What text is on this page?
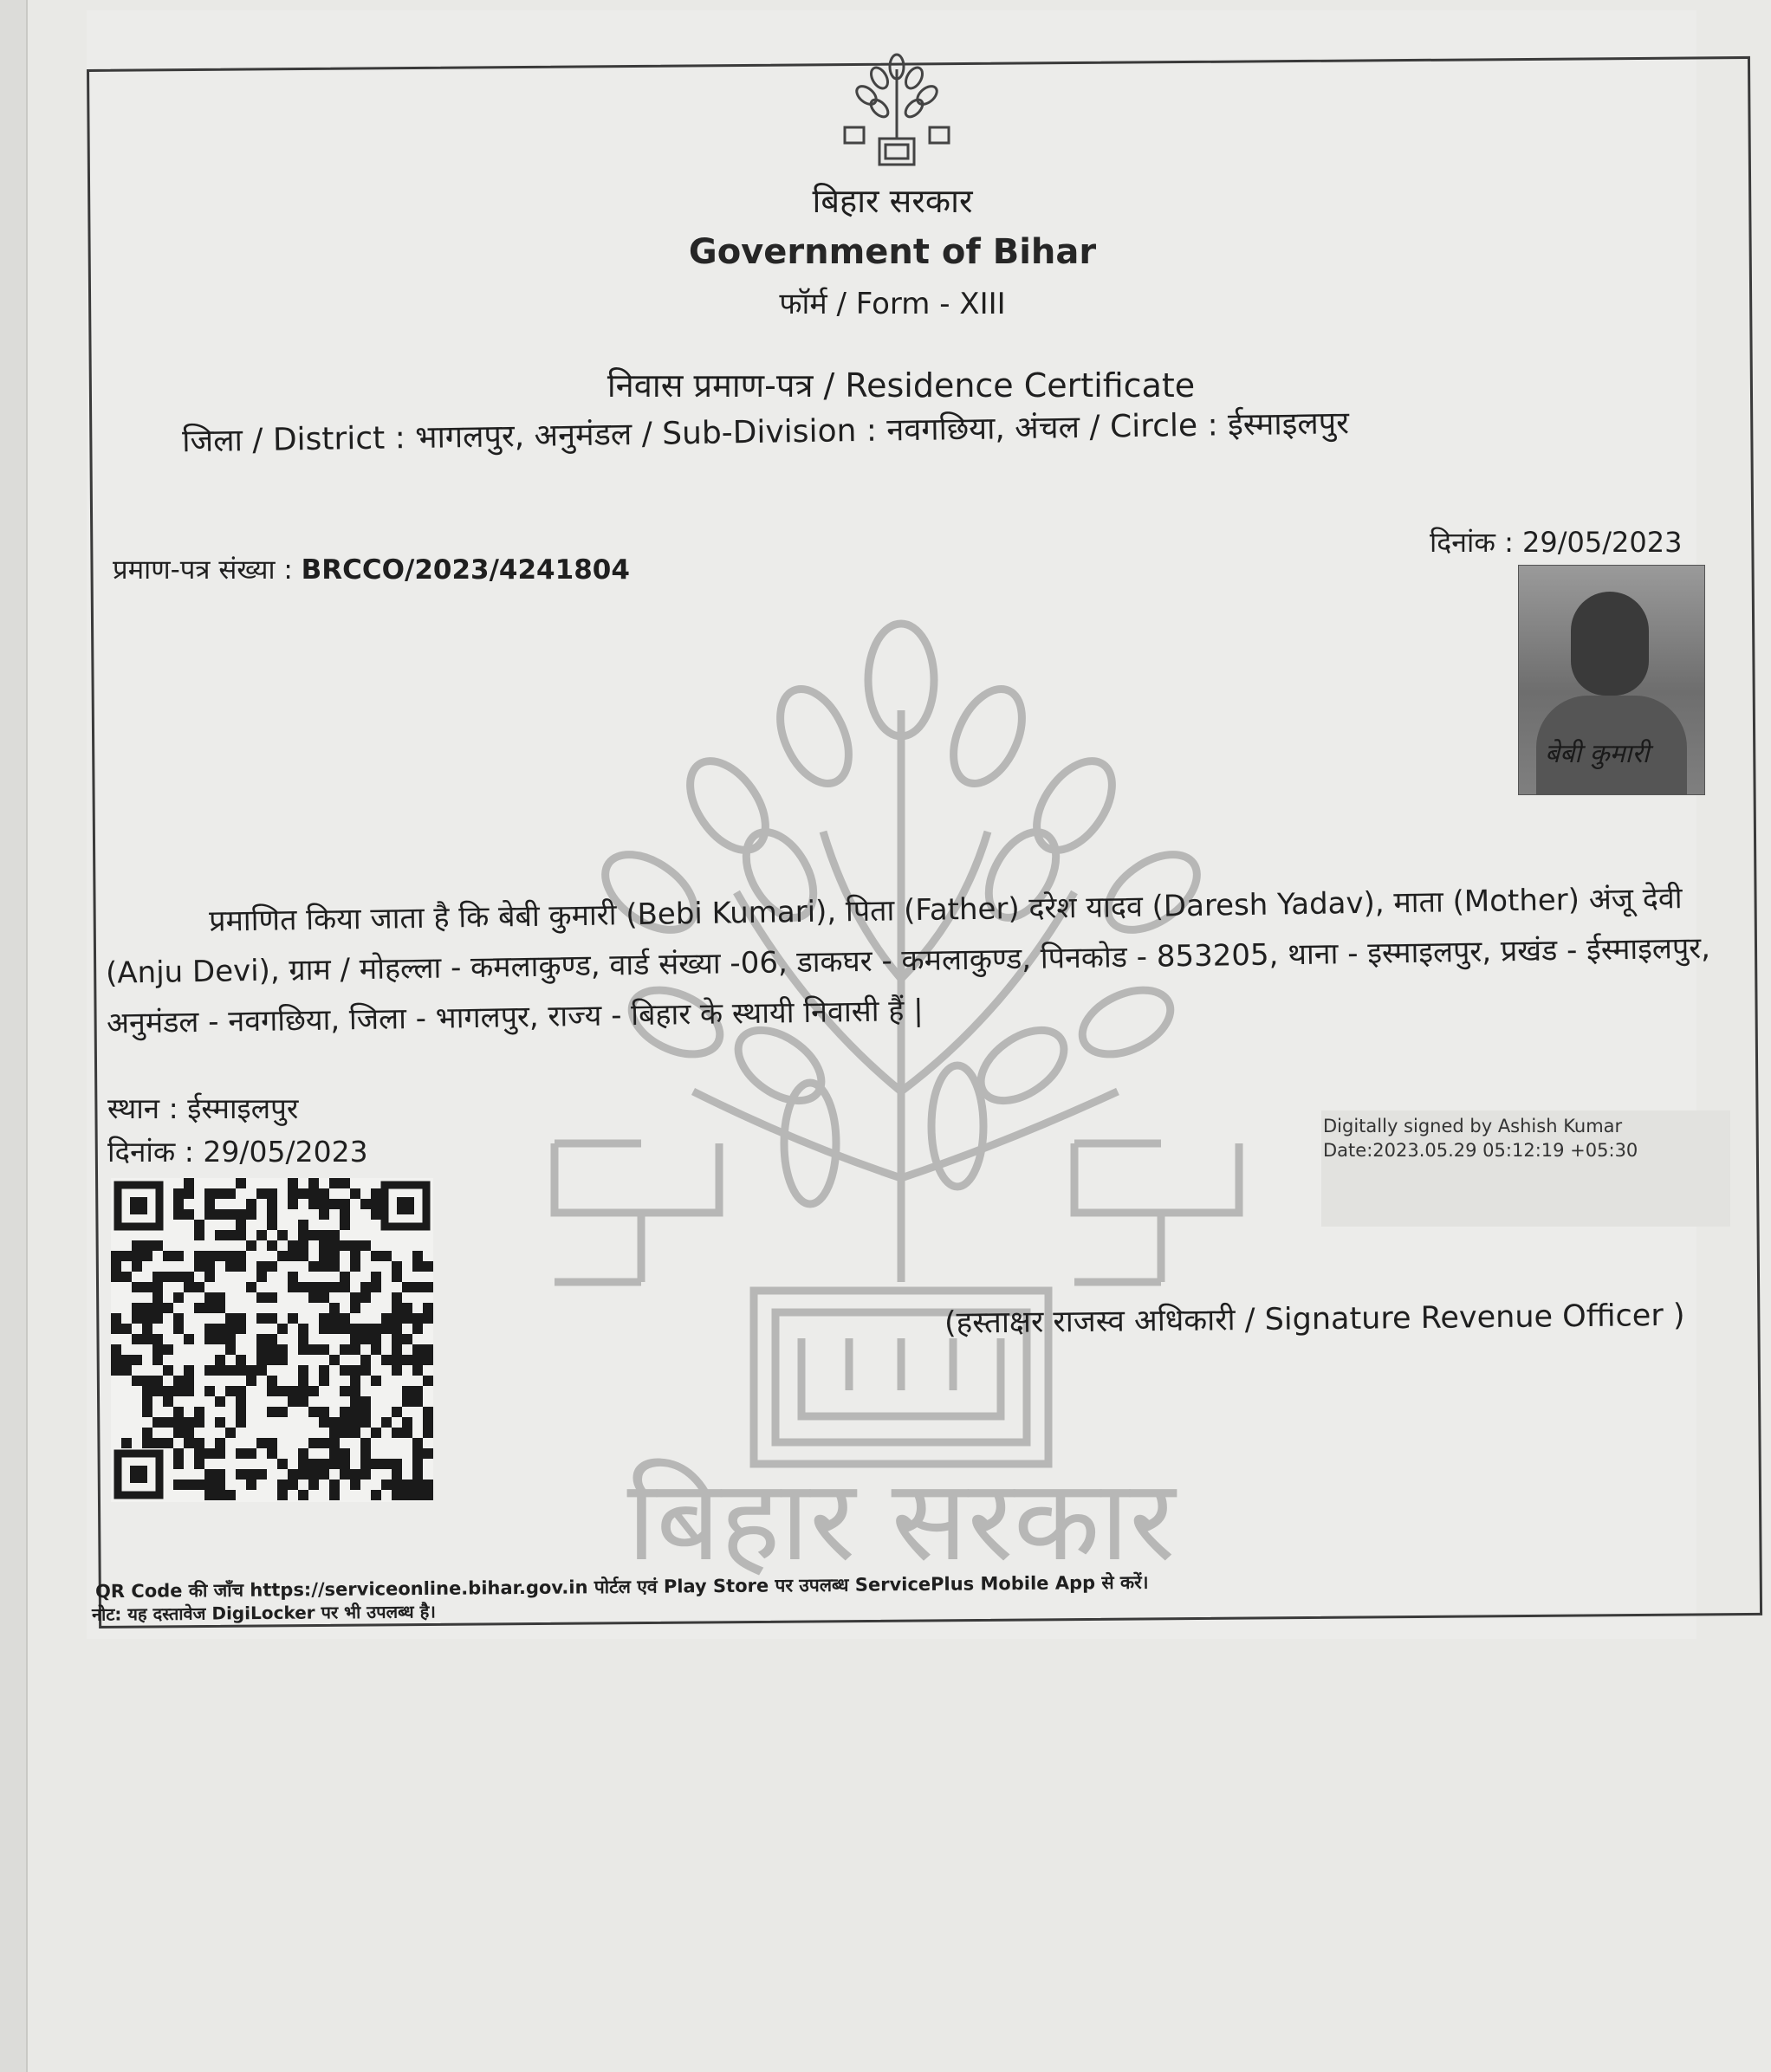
बिहार सरकार
Government of Bihar
फॉर्म / Form - XIII
निवास प्रमाण-पत्र / Residence Certificate
जिला / District : भागलपुर, अनुमंडल / Sub-Division : नवगछिया, अंचल / Circle : ईस्माइलपुर
प्रमाण-पत्र संख्या : BRCCO/2023/4241804
दिनांक : 29/05/2023
बेबी कुमारी
बिहार सरकार
प्रमाणित किया जाता है कि बेबी कुमारी (Bebi Kumari), पिता (Father) दरेश यादव (Daresh Yadav), माता (Mother) अंजू देवी (Anju Devi), ग्राम / मोहल्ला - कमलाकुण्ड, वार्ड संख्या -06, डाकघर - कमलाकुण्ड, पिनकोड - 853205, थाना - इस्माइलपुर, प्रखंड - ईस्माइलपुर, अनुमंडल - नवगछिया, जिला - भागलपुर, राज्य - बिहार के स्थायी निवासी हैं |
स्थान : ईस्माइलपुर
दिनांक : 29/05/2023
Digitally signed by Ashish Kumar
Date:2023.05.29 05:12:19 +05:30
(हस्ताक्षर राजस्व अधिकारी / Signature Revenue Officer )
QR Code की जाँच https://serviceonline.bihar.gov.in पोर्टल एवं Play Store पर उपलब्ध ServicePlus Mobile App से करें।
नोट: यह दस्तावेज DigiLocker पर भी उपलब्ध है।
